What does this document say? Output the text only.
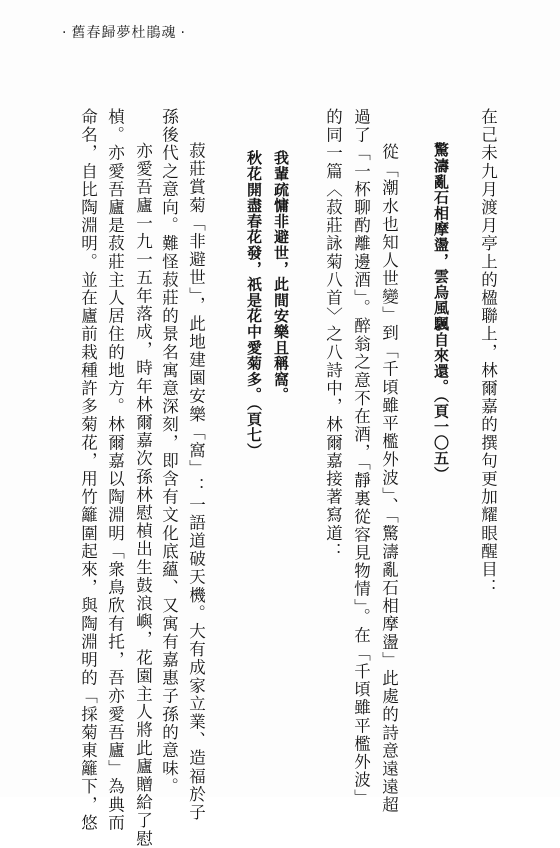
· 舊春歸夢杜鵑魂 ·
在己未九月渡月亭上的楹聯上，林爾嘉的撰句更加耀眼醒目：
驚濤亂石相摩盪，雲烏風颿自來還。（頁一〇五）
從「潮水也知人世變」到「千頃雖平檻外波」、「驚濤亂石相摩盪」此處的詩意遠遠超
過了「一杯聊酌離邊酒」。醉翁之意不在酒，「靜裏從容見物情」。在「千頃雖平檻外波」
的同一篇〈菽莊詠菊八首〉之八詩中，林爾嘉接著寫道：
我輩疏慵非避世，此間安樂且稱窩。
秋花開盡春花發，祇是花中愛菊多。（頁七）
菽莊賞菊「非避世」，此地建園安樂「窩」：一語道破天機。大有成家立業、造福於子
孫後代之意向。難怪菽莊的景名寓意深刻，即含有文化底蘊、又寓有嘉惠子孫的意味。
亦愛吾廬一九一五年落成，時年林爾嘉次孫林慰楨出生鼓浪嶼，花園主人將此廬贈給了慰
楨。亦愛吾廬是菽莊主人居住的地方。林爾嘉以陶淵明「衆鳥欣有托，吾亦愛吾廬」為典而
命名，自比陶淵明。並在廬前栽種許多菊花，用竹籬圍起來，與陶淵明的「採菊東籬下，悠
